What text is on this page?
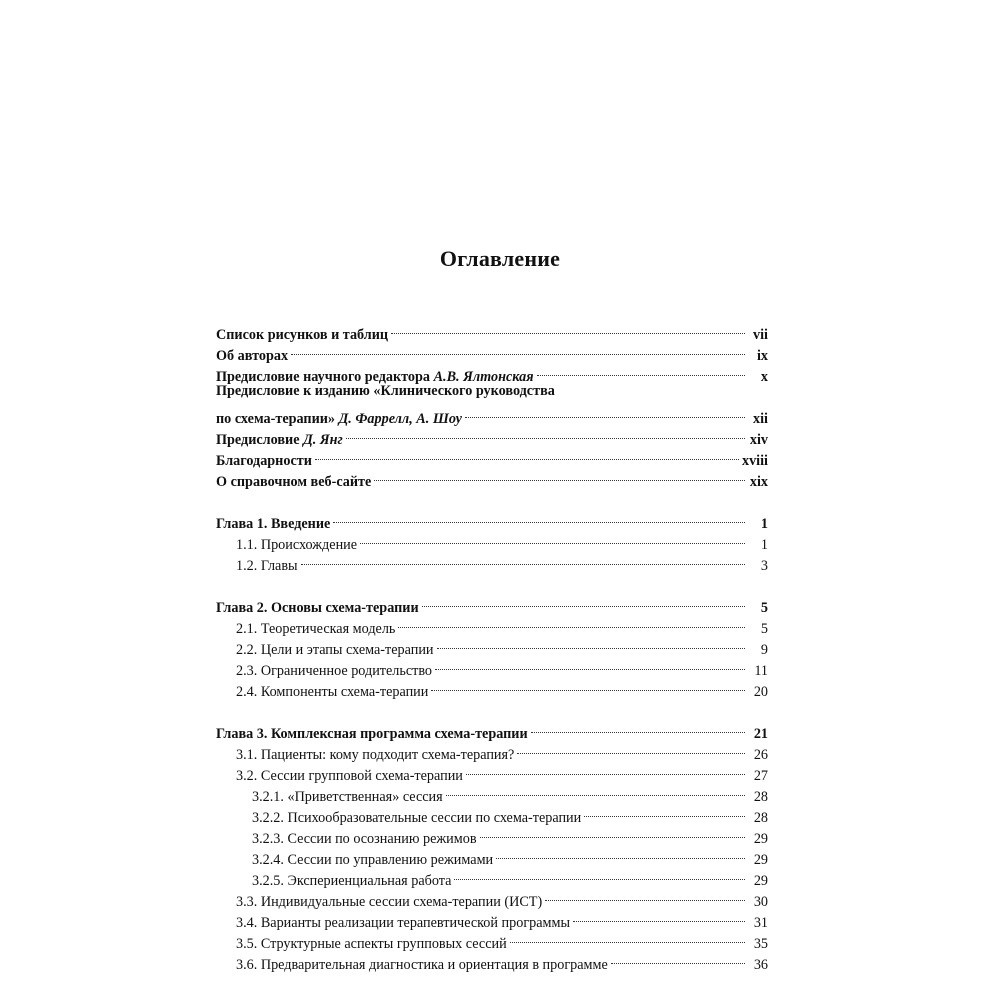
Оглавление
Список рисунков и таблиц	vii
Об авторах	ix
Предисловие научного редактора А.В. Ялтонская	x
Предисловие к изданию «Клинического руководства
по схема-терапии» Д. Фаррелл, А. Шоу	xii
Предисловие Д. Янг	xiv
Благодарности	xviii
О справочном веб-сайте	xix
Глава 1. Введение	1
1.1. Происхождение	1
1.2. Главы	3
Глава 2. Основы схема-терапии	5
2.1. Теоретическая модель	5
2.2. Цели и этапы схема-терапии	9
2.3. Ограниченное родительство	11
2.4. Компоненты схема-терапии	20
Глава 3. Комплексная программа схема-терапии	21
3.1. Пациенты: кому подходит схема-терапия?	26
3.2. Сессии групповой схема-терапии	27
3.2.1. «Приветственная» сессия	28
3.2.2. Психообразовательные сессии по схема-терапии	28
3.2.3. Сессии по осознанию режимов	29
3.2.4. Сессии по управлению режимами	29
3.2.5. Экспериенциальная работа	29
3.3. Индивидуальные сессии схема-терапии (ИСТ)	30
3.4. Варианты реализации терапевтической программы	31
3.5. Структурные аспекты групповых сессий	35
3.6. Предварительная диагностика и ориентация в программе	36
